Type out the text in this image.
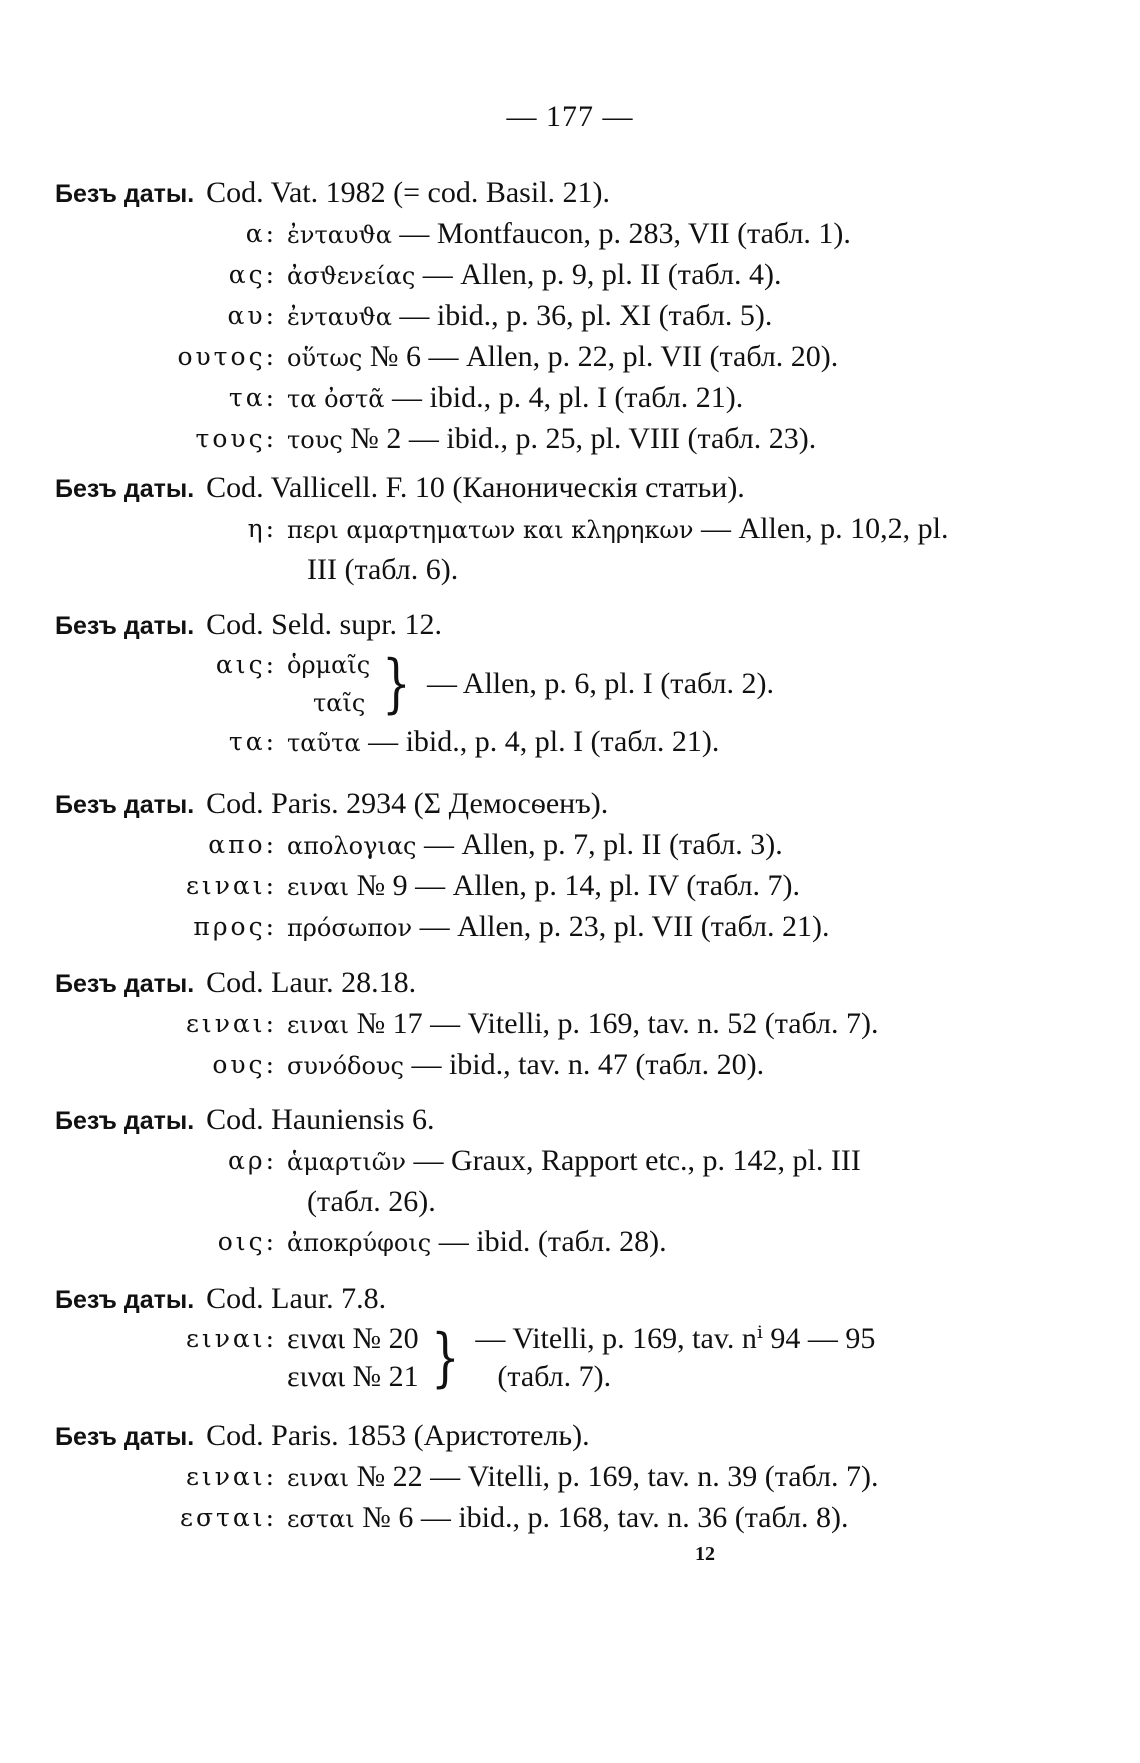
— 177 —
Безъ даты. Cod. Vat. 1982 (= cod. Basil. 21).
α: ἐνταυϑα — Montfaucon, p. 283, VII (табл. 1).
ας: ἀσϑενείας — Allen, p. 9, pl. II (табл. 4).
αυ: ἐνταυϑα — ibid., p. 36, pl. XI (табл. 5).
ουτος: οὕτως № 6 — Allen, p. 22, pl. VII (табл. 20).
τα: τα ὀστᾶ — ibid., p. 4, pl. I (табл. 21).
τους: τους № 2 — ibid., p. 25, pl. VIII (табл. 23).
Безъ даты. Cod. Vallicell. F. 10 (Каноническія статьи).
η: περι αμαρτηματων και κληρηκων — Allen, p. 10,2, pl.
III (табл. 6).
Безъ даты. Cod. Seld. supr. 12.
αις: ὁρμαῖς
ταῖς } — Allen, p. 6, pl. I (табл. 2).
τα: ταῦτα — ibid., p. 4, pl. I (табл. 21).
Безъ даты. Cod. Paris. 2934 (Σ Демосѳенъ).
απο: απολογιας — Allen, p. 7, pl. II (табл. 3).
ειναι: ειναι № 9 — Allen, p. 14, pl. IV (табл. 7).
προς: πρόσωπον — Allen, p. 23, pl. VII (табл. 21).
Безъ даты. Cod. Laur. 28.18.
ειναι: ειναι № 17 — Vitelli, p. 169, tav. n. 52 (табл. 7).
ους: συνόδους — ibid., tav. n. 47 (табл. 20).
Безъ даты. Cod. Hauniensis 6.
αρ: ἁμαρτιῶν — Graux, Rapport etc., p. 142, pl. III
(табл. 26).
οις: ἀποκρύφοις — ibid. (табл. 28).
Безъ даты. Cod. Laur. 7.8.
ειναι: ειναι № 20
ειναι № 21 } — Vitelli, p. 169, tav. nⁱ 94 — 95
(табл. 7).
Безъ даты. Cod. Paris. 1853 (Аристотель).
ειναι: ειναι № 22 — Vitelli, p. 169, tav. n. 39 (табл. 7).
εσται: εσται № 6 — ibid., p. 168, tav. n. 36 (табл. 8).
12
